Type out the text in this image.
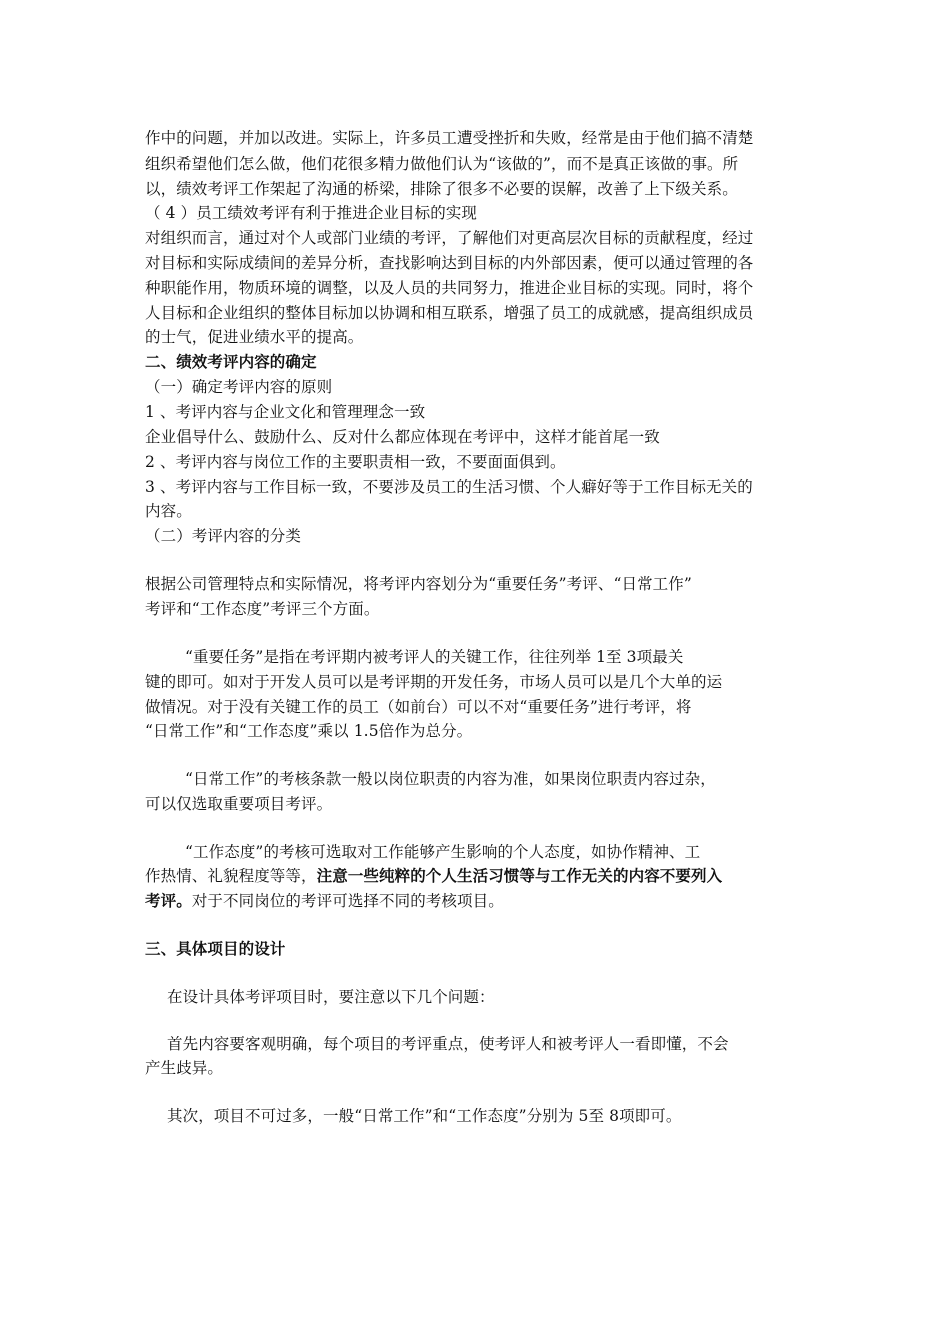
作中的问题，并加以改进。实际上，许多员工遭受挫折和失败，经常是由于他们搞不清楚
组织希望他们怎么做，他们花很多精力做他们认为“该做的”，而不是真正该做的事。所
以，绩效考评工作架起了沟通的桥梁，排除了很多不必要的误解，改善了上下级关系。
（ 4 ）员工绩效考评有利于推进企业目标的实现
对组织而言，通过对个人或部门业绩的考评，了解他们对更高层次目标的贡献程度，经过
对目标和实际成绩间的差异分析，查找影响达到目标的内外部因素，便可以通过管理的各
种职能作用，物质环境的调整，以及人员的共同努力，推进企业目标的实现。同时，将个
人目标和企业组织的整体目标加以协调和相互联系，增强了员工的成就感，提高组织成员
的士气，促进业绩水平的提高。
二、绩效考评内容的确定
（一）确定考评内容的原则
1 、考评内容与企业文化和管理理念一致
企业倡导什么、鼓励什么、反对什么都应体现在考评中，这样才能首尾一致
2 、考评内容与岗位工作的主要职责相一致，不要面面俱到。
3 、考评内容与工作目标一致，不要涉及员工的生活习惯、个人癖好等于工作目标无关的
内容。
（二）考评内容的分类
根据公司管理特点和实际情况，将考评内容划分为“重要任务”考评、“日常工作”
考评和“工作态度”考评三个方面。
“重要任务”是指在考评期内被考评人的关键工作，往往列举 1至 3项最关
键的即可。如对于开发人员可以是考评期的开发任务，市场人员可以是几个大单的运
做情况。对于没有关键工作的员工（如前台）可以不对“重要任务”进行考评，将
“日常工作”和“工作态度”乘以 1.5倍作为总分。
“日常工作”的考核条款一般以岗位职责的内容为准，如果岗位职责内容过杂，
可以仅选取重要项目考评。
“工作态度”的考核可选取对工作能够产生影响的个人态度，如协作精神、工
作热情、礼貌程度等等，注意一些纯粹的个人生活习惯等与工作无关的内容不要列入
考评。对于不同岗位的考评可选择不同的考核项目。
三、具体项目的设计
在设计具体考评项目时，要注意以下几个问题：
首先内容要客观明确，每个项目的考评重点，使考评人和被考评人一看即懂，不会
产生歧异。
其次，项目不可过多，一般“日常工作”和“工作态度”分别为 5至 8项即可。
